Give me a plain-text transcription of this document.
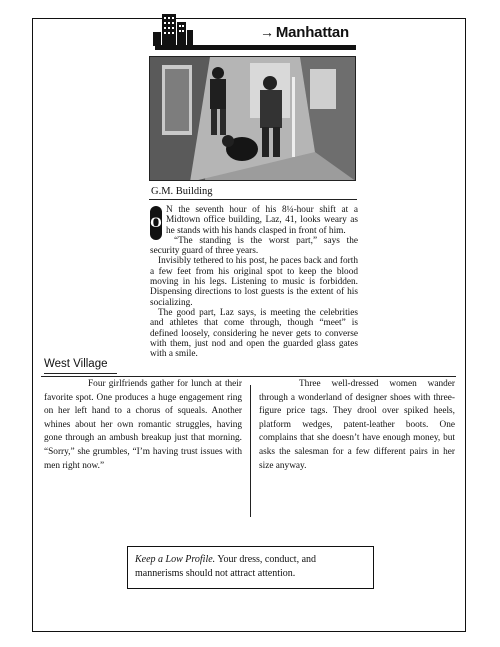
→ Manhattan
G.M. Building

O
N the seventh hour of his 8¼-hour shift at a Midtown office building, Laz, 41, looks weary as he stands with his hands clasped in front of him.

“The standing is the worst part,” says the security guard of three years.

Invisibly tethered to his post, he paces back and forth a few feet from his original spot to keep the blood moving in his legs. Listening to music is forbidden. Dispensing directions to lost guests is the extent of his socializing.

The good part, Laz says, is meeting the celebrities and athletes that come through, though “meet” is defined loosely, considering he never gets to converse with them, just nod and open the guarded glass gates with a smile.

West Village
Four girlfriends gather for lunch at their favorite spot. One produces a huge engagement ring on her left hand to a chorus of squeals. Another whines about her own romantic struggles, having gone through an ambush breakup just that morning. “Sorry,” she grumbles, “I’m having trust issues with men right now.”
Three well-dressed women wander through a wonderland of designer shoes with three-figure price tags. They drool over spiked heels, platform wedges, patent-leather boots. One complains that she doesn’t have enough money, but asks the salesman for a few different pairs in her size anyway.
Keep a Low Profile. Your dress, conduct, and mannerisms should not attract attention.
